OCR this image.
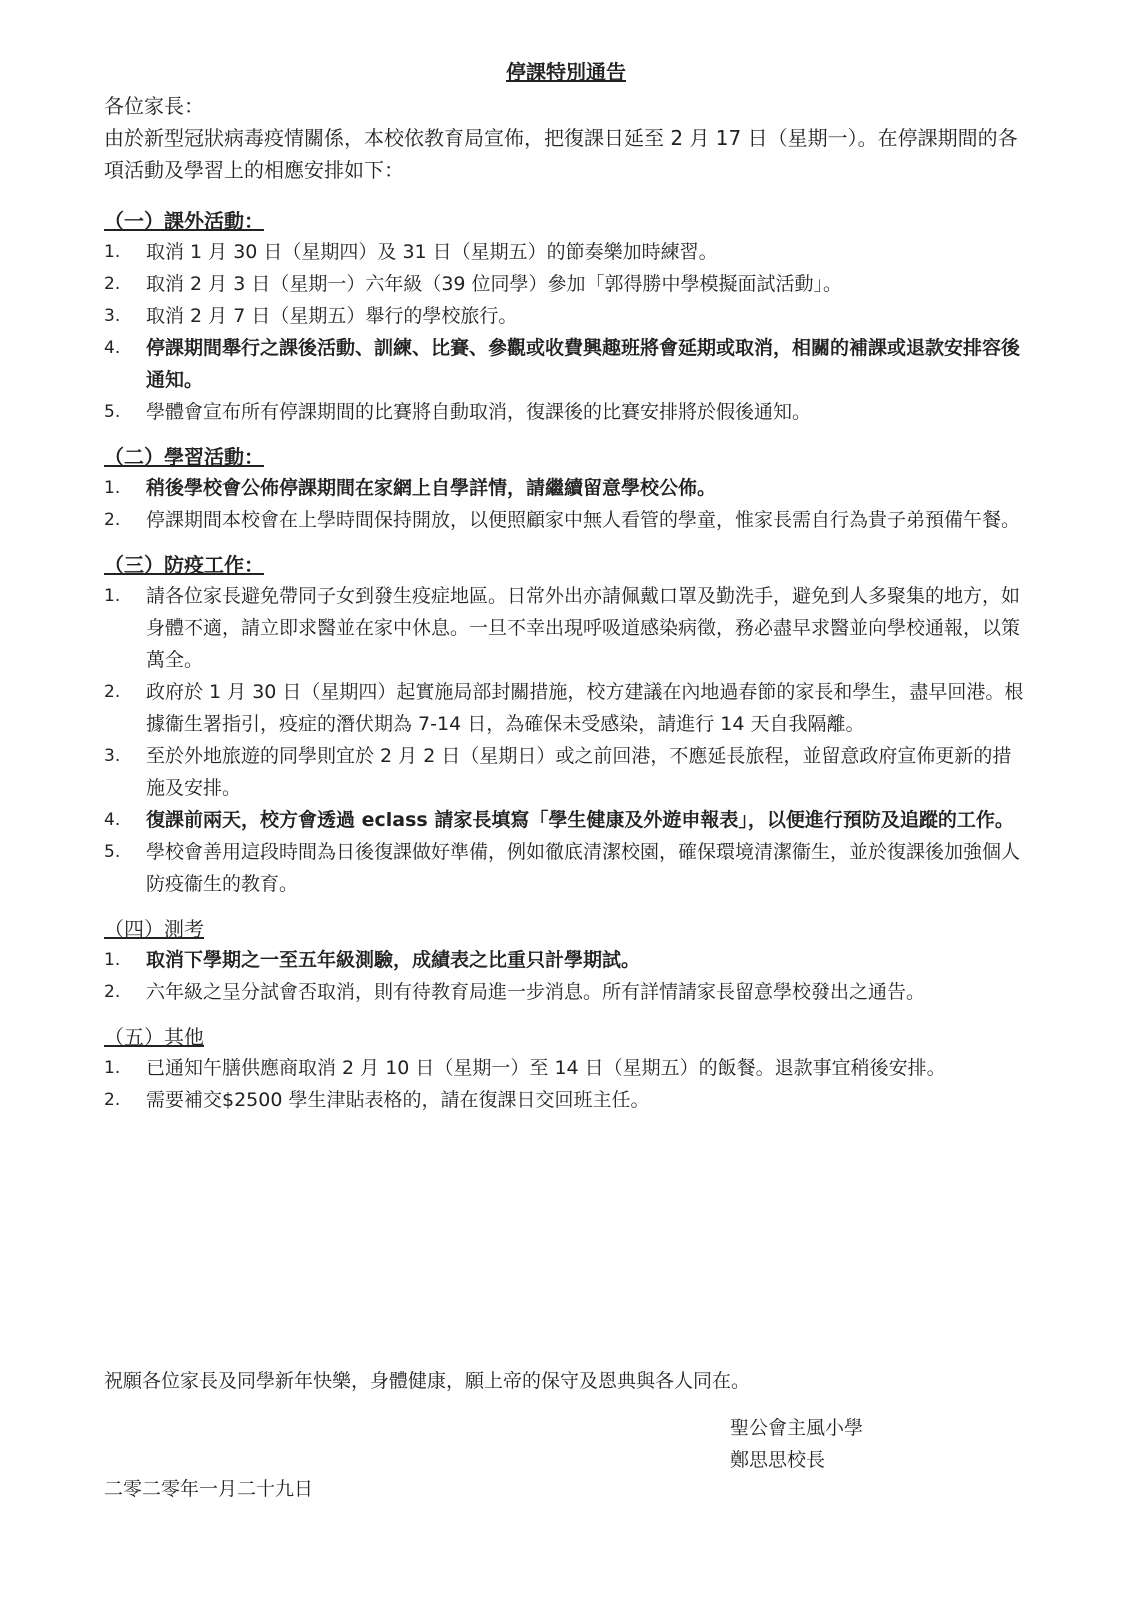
停課特別通告
各位家長：
由於新型冠狀病毒疫情關係，本校依教育局宣佈，把復課日延至 2 月 17 日（星期一）。在停課期間的各項活動及學習上的相應安排如下：
（一）課外活動：
1.	取消 1 月 30 日（星期四）及 31 日（星期五）的節奏樂加時練習。
2.	取消 2 月 3 日（星期一）六年級（39 位同學）參加「郭得勝中學模擬面試活動」。
3.	取消 2 月 7 日（星期五）舉行的學校旅行。
4.	停課期間舉行之課後活動、訓練、比賽、參觀或收費興趣班將會延期或取消，相關的補課或退款安排容後通知。
5.	學體會宣布所有停課期間的比賽將自動取消，復課後的比賽安排將於假後通知。
（二）學習活動：
1.	稍後學校會公佈停課期間在家網上自學詳情，請繼續留意學校公佈。
2.	停課期間本校會在上學時間保持開放，以便照顧家中無人看管的學童，惟家長需自行為貴子弟預備午餐。
（三）防疫工作：
1.	請各位家長避免帶同子女到發生疫症地區。日常外出亦請佩戴口罩及勤洗手，避免到人多聚集的地方，如身體不適，請立即求醫並在家中休息。一旦不幸出現呼吸道感染病徵，務必盡早求醫並向學校通報，以策萬全。
2.	政府於 1 月 30 日（星期四）起實施局部封關措施，校方建議在內地過春節的家長和學生，盡早回港。根據衞生署指引，疫症的潛伏期為 7-14 日，為確保未受感染，請進行 14 天自我隔離。
3.	至於外地旅遊的同學則宜於 2 月 2 日（星期日）或之前回港，不應延長旅程，並留意政府宣佈更新的措施及安排。
4.	復課前兩天，校方會透過 eclass 請家長填寫「學生健康及外遊申報表」，以便進行預防及追蹤的工作。
5.	學校會善用這段時間為日後復課做好準備，例如徹底清潔校園，確保環境清潔衞生，並於復課後加強個人防疫衞生的教育。
（四）測考
1.	取消下學期之一至五年級測驗，成績表之比重只計學期試。
2.	六年級之呈分試會否取消，則有待教育局進一步消息。所有詳情請家長留意學校發出之通告。
（五）其他
1.	已通知午膳供應商取消 2 月 10 日（星期一）至 14 日（星期五）的飯餐。退款事宜稍後安排。
2.	需要補交$2500 學生津貼表格的，請在復課日交回班主任。
祝願各位家長及同學新年快樂，身體健康，願上帝的保守及恩典與各人同在。
聖公會主風小學
鄭思思校長
二零二零年一月二十九日
